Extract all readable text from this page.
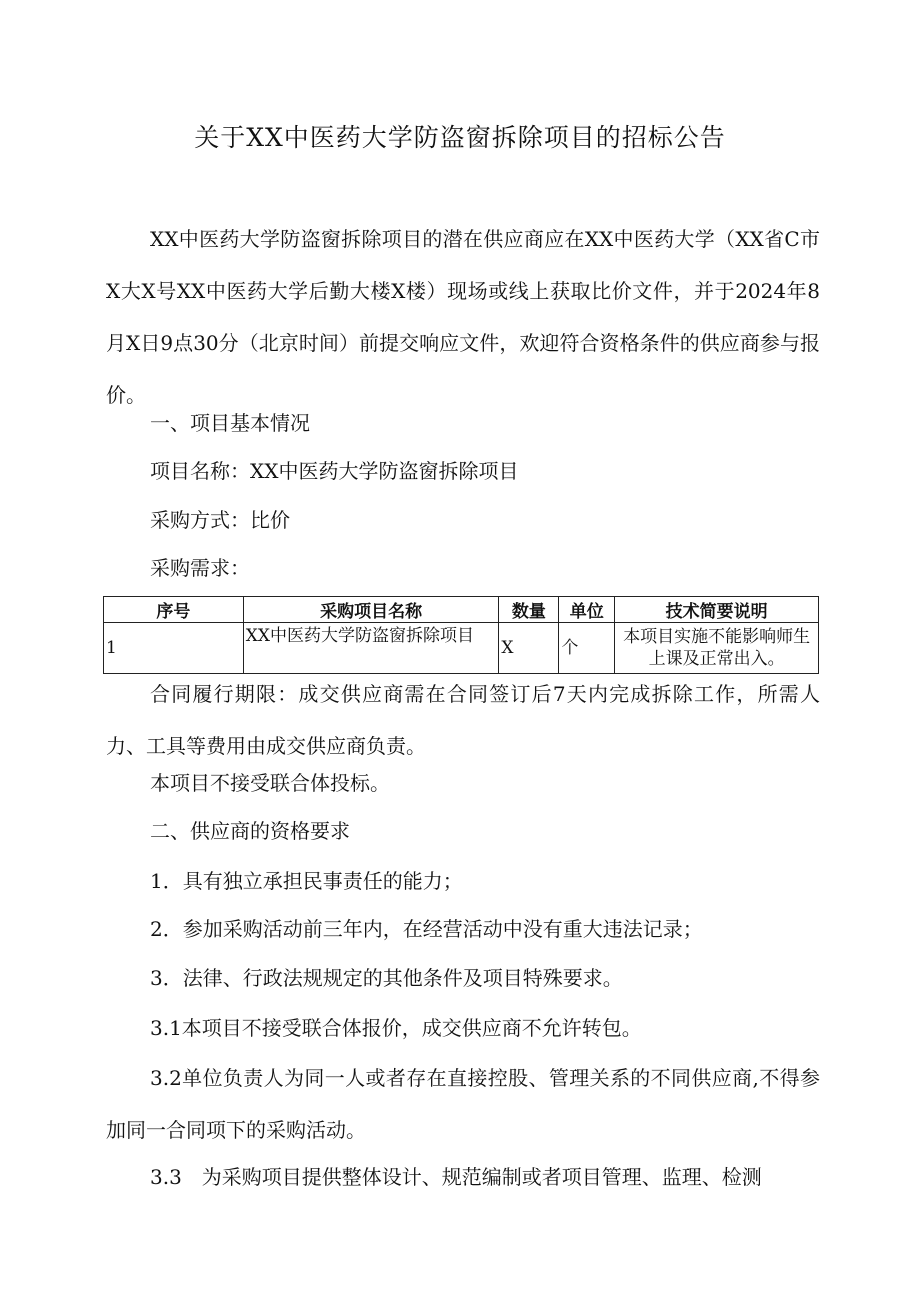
关于XX中医药大学防盗窗拆除项目的招标公告

XX中医药大学防盗窗拆除项目的潜在供应商应在XX中医药大学（XX省C市X大X号XX中医药大学后勤大楼X楼）现场或线上获取比价文件，并于2024年8月X日9点30分（北京时间）前提交响应文件，欢迎符合资格条件的供应商参与报价。

一、项目基本情况
项目名称：XX中医药大学防盗窗拆除项目
采购方式：比价
采购需求：
序号	采购项目名称	数量	单位	技术简要说明
1	XX中医药大学防盗窗拆除项目	X	个	本项目实施不能影响师生上课及正常出入。

合同履行期限：成交供应商需在合同签订后7天内完成拆除工作，所需人力、工具等费用由成交供应商负责。

本项目不接受联合体投标。
二、供应商的资格要求
1．具有独立承担民事责任的能力；
2．参加采购活动前三年内，在经营活动中没有重大违法记录；
3．法律、行政法规规定的其他条件及项目特殊要求。
3.1本项目不接受联合体报价，成交供应商不允许转包。

3.2单位负责人为同一人或者存在直接控股、管理关系的不同供应商,不得参加同一合同项下的采购活动。

3.3　为采购项目提供整体设计、规范编制或者项目管理、监理、检测
